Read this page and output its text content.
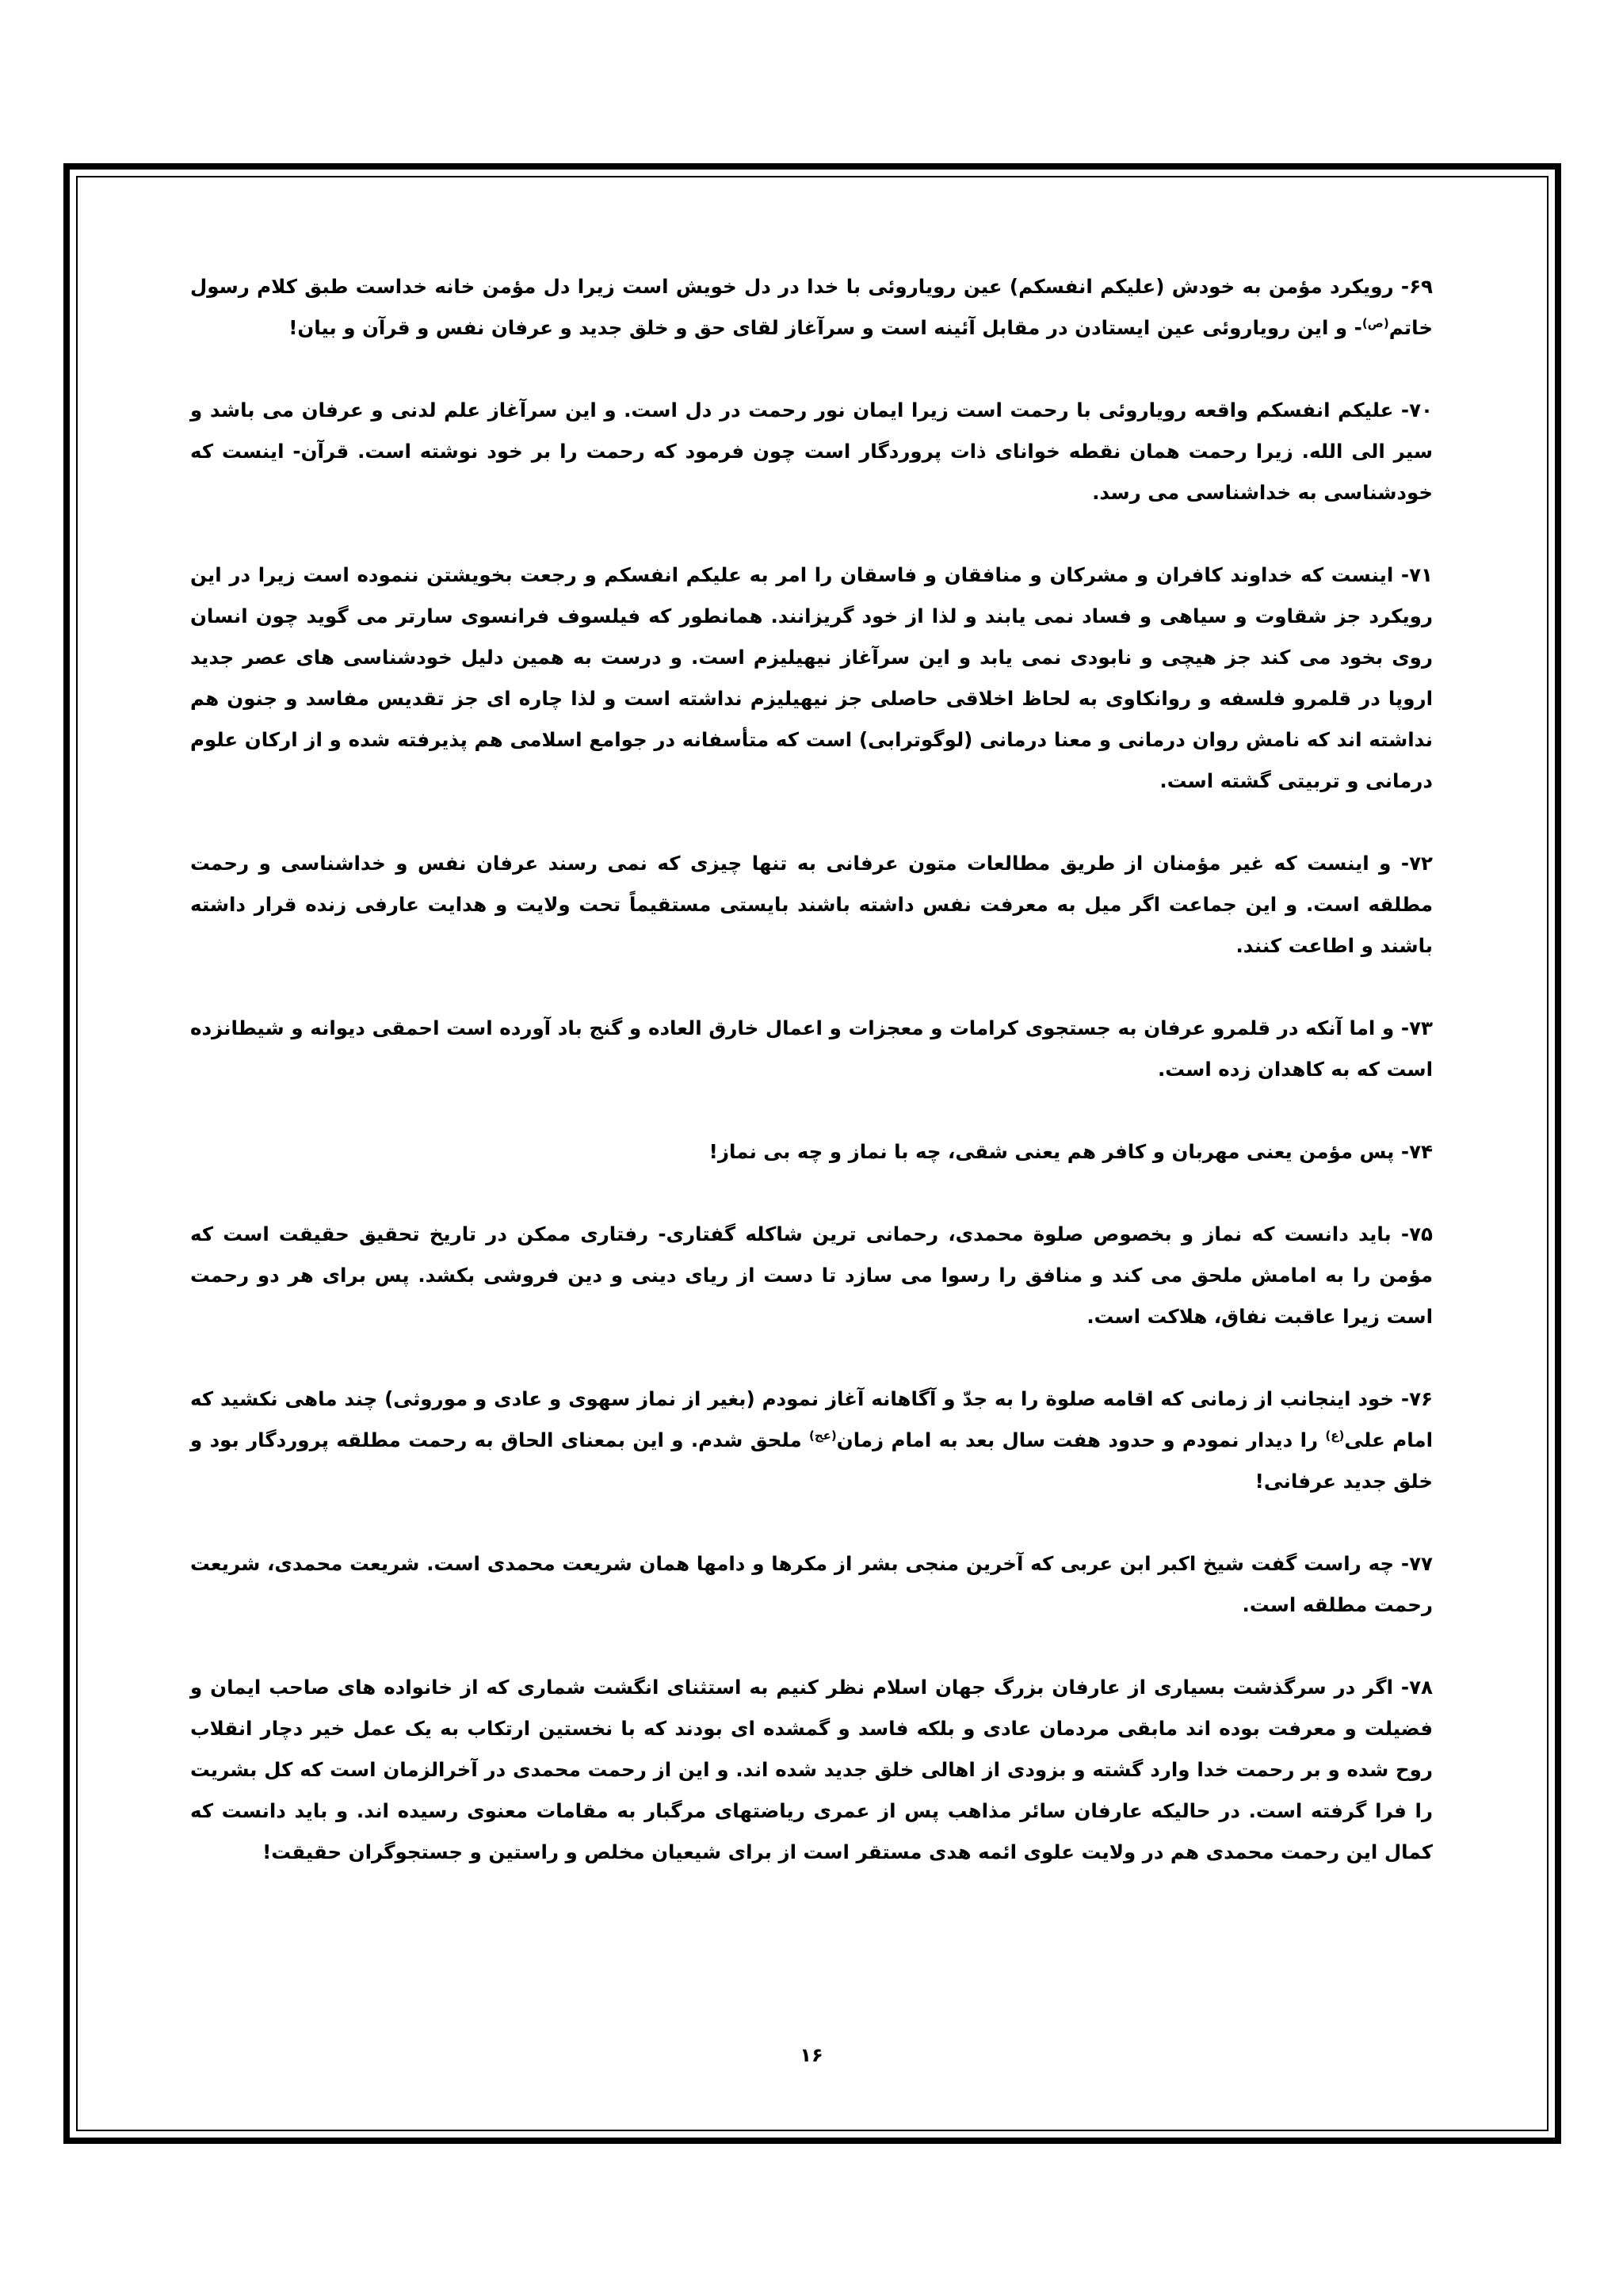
۶۹- رویکرد مؤمن به خودش (علیکم انفسکم) عین رویاروئی با خدا در دل خویش است زیرا دل مؤمن خانه خداست طبق کلام رسول خاتم$^{(ص)}$- و این رویاروئی عین ایستادن در مقابل آئینه است و سرآغاز لقای حق و خلق جدید و عرفان نفس و قرآن و بیان!

۷۰- علیکم انفسکم واقعه رویاروئی با رحمت است زیرا ایمان نور رحمت در دل است. و این سرآغاز علم لدنی و عرفان می باشد و سیر الی الله. زیرا رحمت همان نقطه خوانای ذات پروردگار است چون فرمود که رحمت را بر خود نوشته است. قرآن- اینست که خودشناسی به خداشناسی می رسد.

۷۱- اینست که خداوند کافران و مشرکان و منافقان و فاسقان را امر به علیکم انفسکم و رجعت بخویشتن ننموده است زیرا در این رویکرد جز شقاوت و سیاهی و فساد نمی یابند و لذا از خود گریزانند. همانطور که فیلسوف فرانسوی سارتر می گوید چون انسان روی بخود می کند جز هیچی و نابودی نمی یابد و این سرآغاز نیهیلیزم است. و درست به همین دلیل خودشناسی های عصر جدید اروپا در قلمرو فلسفه و روانکاوی به لحاظ اخلاقی حاصلی جز نیهیلیزم نداشته است و لذا چاره ای جز تقدیس مفاسد و جنون هم نداشته اند که نامش روان درمانی و معنا درمانی (لوگوترابی) است که متأسفانه در جوامع اسلامی هم پذیرفته شده و از ارکان علوم درمانی و تربیتی گشته است.

۷۲- و اینست که غیر مؤمنان از طریق مطالعات متون عرفانی به تنها چیزی که نمی رسند عرفان نفس و خداشناسی و رحمت مطلقه است. و این جماعت اگر میل به معرفت نفس داشته باشند بایستی مستقیماً تحت ولایت و هدایت عارفی زنده قرار داشته باشند و اطاعت کنند.

۷۳- و اما آنکه در قلمرو عرفان به جستجوی کرامات و معجزات و اعمال خارق العاده و گنج باد آورده است احمقی دیوانه و شیطانزده است که به کاهدان زده است.

۷۴- پس مؤمن یعنی مهربان و کافر هم یعنی شقی، چه با نماز و چه بی نماز!

۷۵- باید دانست که نماز و بخصوص صلوة محمدی، رحمانی ترین شاکله گفتاری- رفتاری ممکن در تاریخ تحقیق حقیقت است که مؤمن را به امامش ملحق می کند و منافق را رسوا می سازد تا دست از ریای دینی و دین فروشی بکشد. پس برای هر دو رحمت است زیرا عاقبت نفاق، هلاکت است.

۷۶- خود اینجانب از زمانی که اقامه صلوة را به جدّ و آگاهانه آغاز نمودم (بغیر از نماز سهوی و عادی و موروثی) چند ماهی نکشید که امام علی$^{(ع)}$ را دیدار نمودم و حدود هفت سال بعد به امام زمان$^{(عج)}$ ملحق شدم. و این بمعنای الحاق به رحمت مطلقه پروردگار بود و خلق جدید عرفانی!

۷۷- چه راست گفت شیخ اکبر ابن عربی که آخرین منجی بشر از مکرها و دامها همان شریعت محمدی است. شریعت محمدی، شریعت رحمت مطلقه است.

۷۸- اگر در سرگذشت بسیاری از عارفان بزرگ جهان اسلام نظر کنیم به استثنای انگشت شماری که از خانواده های صاحب ایمان و فضیلت و معرفت بوده اند مابقی مردمان عادی و بلکه فاسد و گمشده ای بودند که با نخستین ارتکاب به یک عمل خیر دچار انقلاب روح شده و بر رحمت خدا وارد گشته و بزودی از اهالی خلق جدید شده اند. و این از رحمت محمدی در آخرالزمان است که کل بشریت را فرا گرفته است. در حالیکه عارفان سائر مذاهب پس از عمری ریاضتهای مرگبار به مقامات معنوی رسیده اند. و باید دانست که کمال این رحمت محمدی هم در ولایت علوی ائمه هدی مستقر است از برای شیعیان مخلص و راستین و جستجوگران حقیقت!

۱۶
